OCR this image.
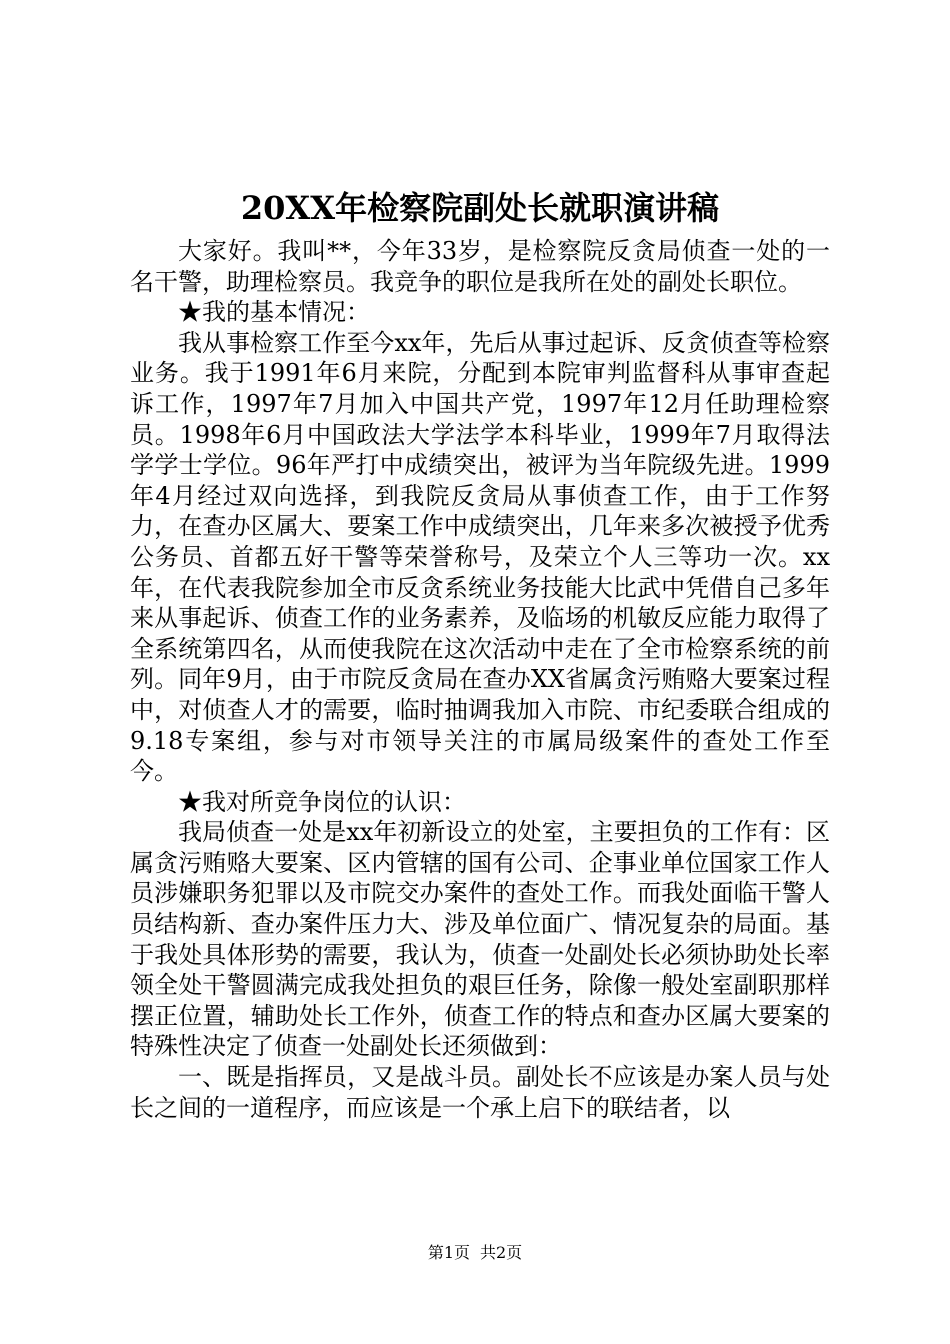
20XX年检察院副处长就职演讲稿

大家好。我叫**，今年33岁，是检察院反贪局侦查一处的一名干警，助理检察员。我竞争的职位是我所在处的副处长职位。

★我的基本情况：

我从事检察工作至今xx年，先后从事过起诉、反贪侦查等检察业务。我于1991年6月来院，分配到本院审判监督科从事审查起诉工作，1997年7月加入中国共产党，1997年12月任助理检察员。1998年6月中国政法大学法学本科毕业，1999年7月取得法学学士学位。96年严打中成绩突出，被评为当年院级先进。1999年4月经过双向选择，到我院反贪局从事侦查工作，由于工作努力，在查办区属大、要案工作中成绩突出，几年来多次被授予优秀公务员、首都五好干警等荣誉称号，及荣立个人三等功一次。xx年，在代表我院参加全市反贪系统业务技能大比武中凭借自己多年来从事起诉、侦查工作的业务素养，及临场的机敏反应能力取得了全系统第四名，从而使我院在这次活动中走在了全市检察系统的前列。同年9月，由于市院反贪局在查办XX省属贪污贿赂大要案过程中，对侦查人才的需要，临时抽调我加入市院、市纪委联合组成的9.18专案组，参与对市领导关注的市属局级案件的查处工作至今。

★我对所竞争岗位的认识：

我局侦查一处是xx年初新设立的处室，主要担负的工作有：区属贪污贿赂大要案、区内管辖的国有公司、企事业单位国家工作人员涉嫌职务犯罪以及市院交办案件的查处工作。而我处面临干警人员结构新、查办案件压力大、涉及单位面广、情况复杂的局面。基于我处具体形势的需要，我认为，侦查一处副处长必须协助处长率领全处干警圆满完成我处担负的艰巨任务，除像一般处室副职那样摆正位置，辅助处长工作外，侦查工作的特点和查办区属大要案的特殊性决定了侦查一处副处长还须做到：

一、既是指挥员，又是战斗员。副处长不应该是办案人员与处长之间的一道程序，而应该是一个承上启下的联结者，以

第1页 共2页
